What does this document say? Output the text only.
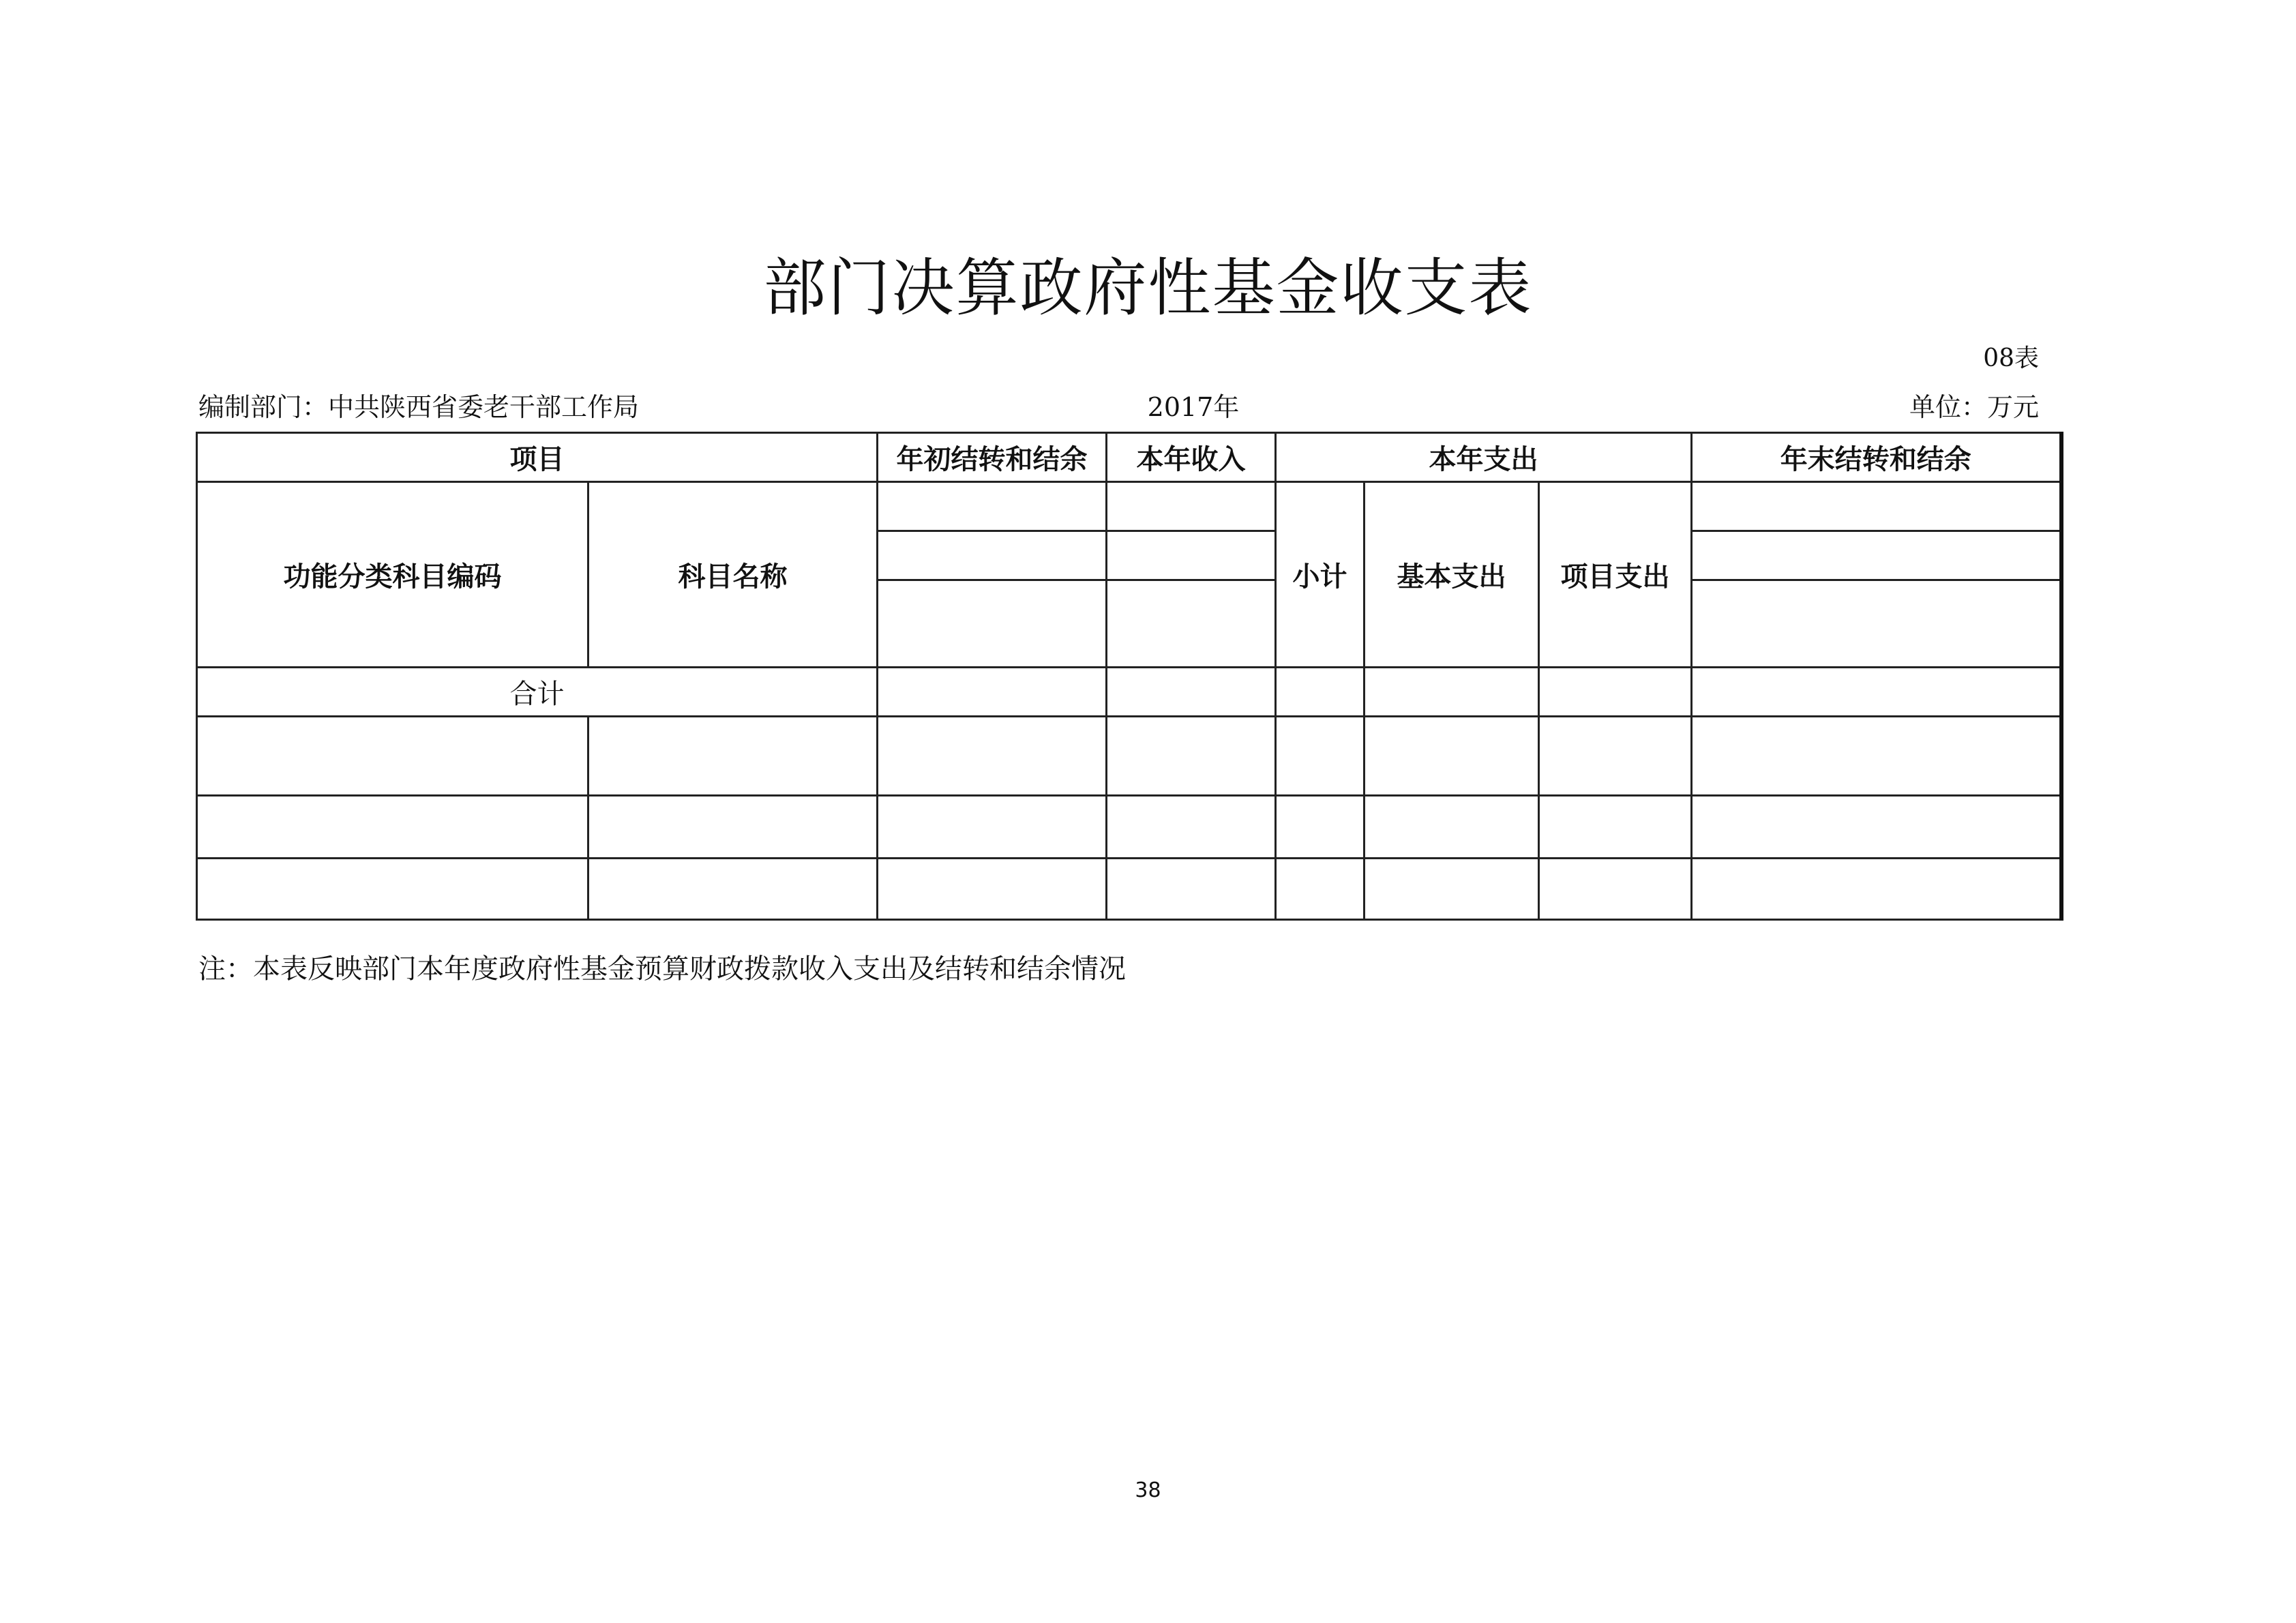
部门决算政府性基金收支表
08表
编制部门：中共陕西省委老干部工作局	2017年	单位：万元
项目		年初结转和结余	本年收入	本年支出			年末结转和结余
功能分类科目编码	科目名称			小计	基本支出	项目支出	

合计							

注：本表反映部门本年度政府性基金预算财政拨款收入支出及结转和结余情况
38
